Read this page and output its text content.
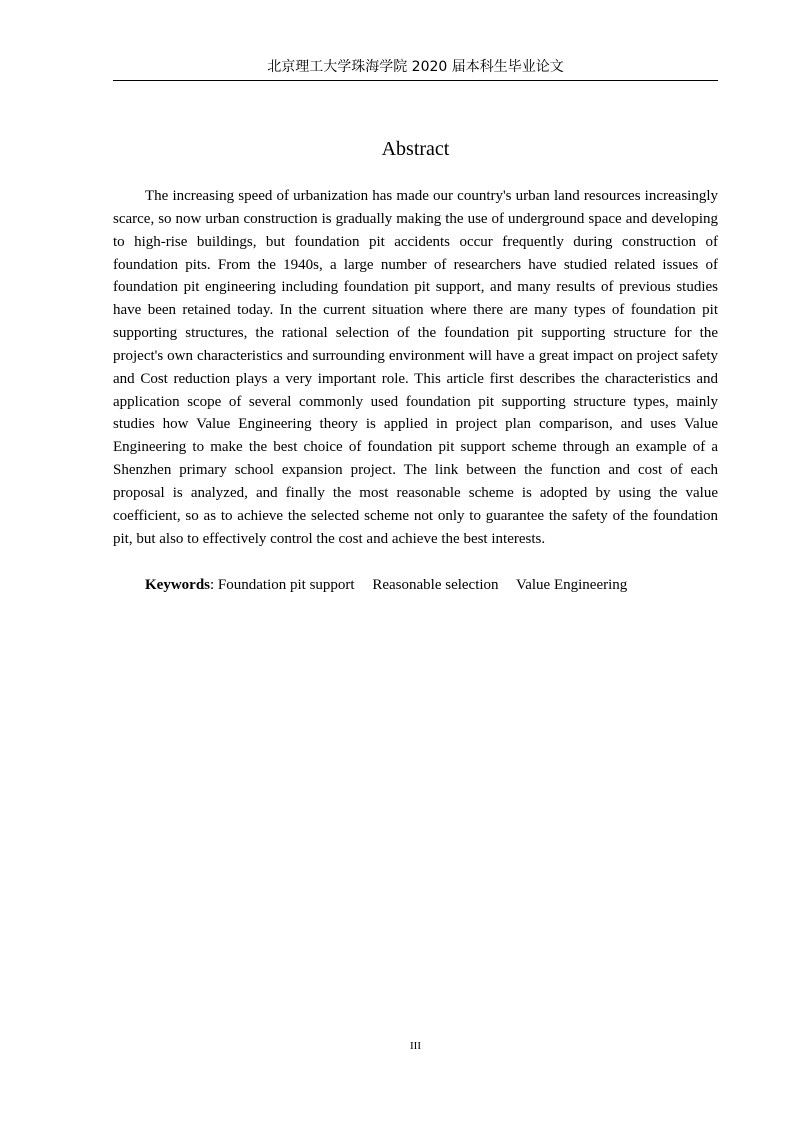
北京理工大学珠海学院 2020 届本科生毕业论文
Abstract

The increasing speed of urbanization has made our country's urban land resources increasingly scarce, so now urban construction is gradually making the use of underground space and developing to high-rise buildings, but foundation pit accidents occur frequently during construction of foundation pits. From the 1940s, a large number of researchers have studied related issues of foundation pit engineering including foundation pit support, and many results of previous studies have been retained today. In the current situation where there are many types of foundation pit supporting structures, the rational selection of the foundation pit supporting structure for the project's own characteristics and surrounding environment will have a great impact on project safety and Cost reduction plays a very important role. This article first describes the characteristics and application scope of several commonly used foundation pit supporting structure types, mainly studies how Value Engineering theory is applied in project plan comparison, and uses Value Engineering to make the best choice of foundation pit support scheme through an example of a Shenzhen primary school expansion project. The link between the function and cost of each proposal is analyzed, and finally the most reasonable scheme is adopted by using the value coefficient, so as to achieve the selected scheme not only to guarantee the safety of the foundation pit, but also to effectively control the cost and achieve the best interests.

Keywords: Foundation pit support Reasonable selection Value Engineering

III
